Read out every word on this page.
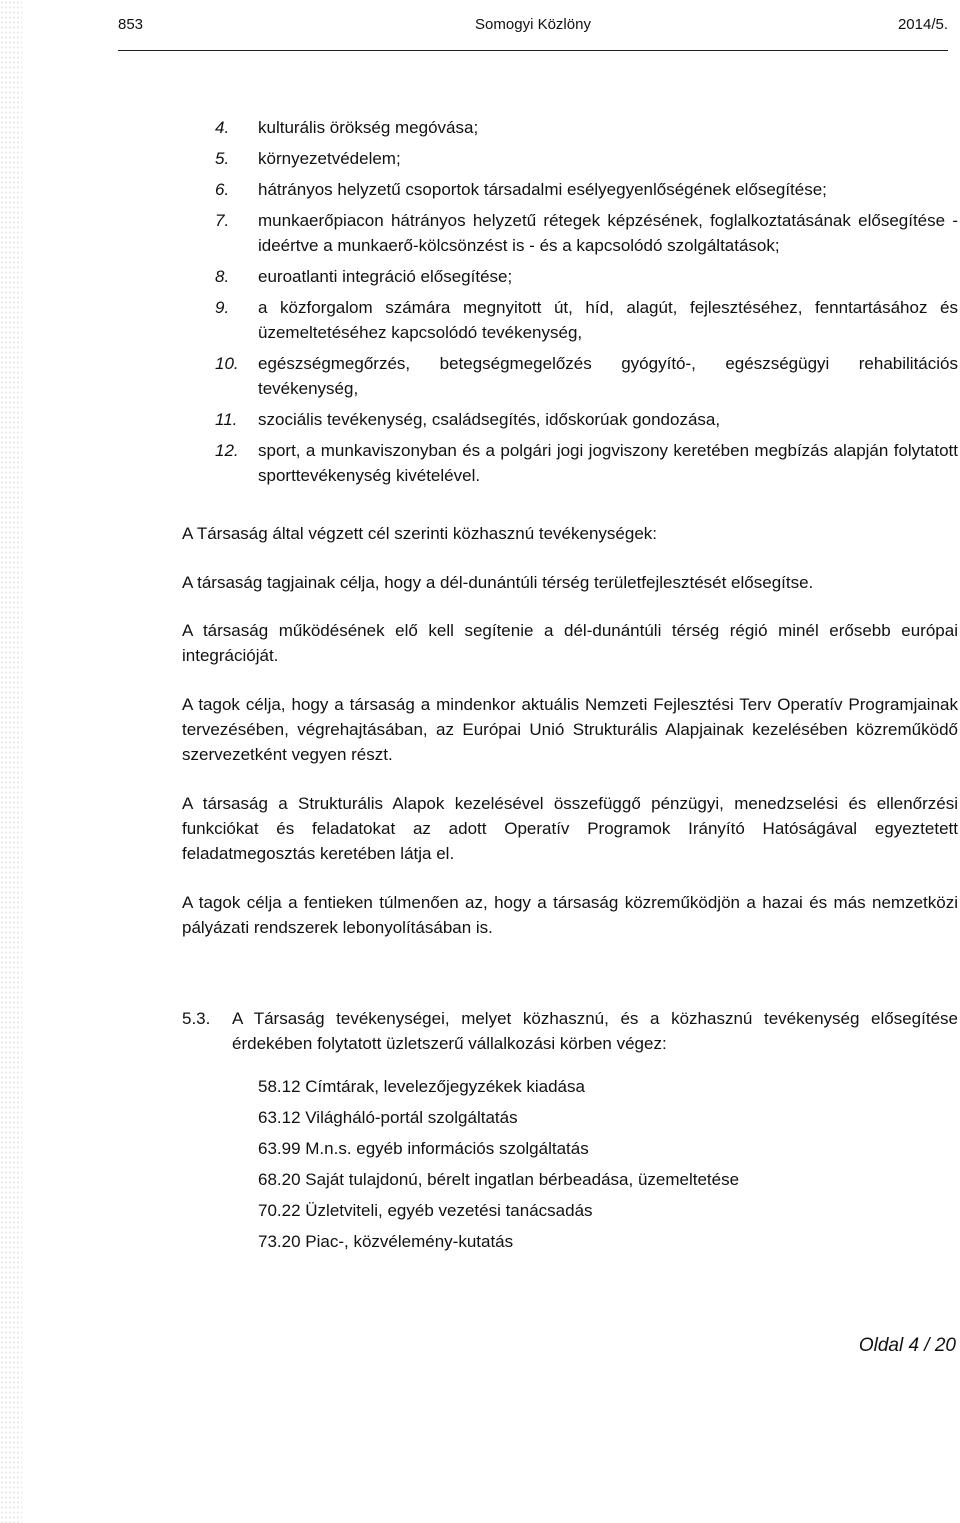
Somogyi Közlöny
853	2014/5.
4. kulturális örökség megóvása;
5. környezetvédelem;
6. hátrányos helyzetű csoportok társadalmi esélyegyenlőségének elősegítése;
7. munkaerőpiacon hátrányos helyzetű rétegek képzésének, foglalkoztatásának elősegítése - ideértve a munkaerő-kölcsönzést is - és a kapcsolódó szolgáltatások;
8. euroatlanti integráció elősegítése;
9. a közforgalom számára megnyitott út, híd, alagút, fejlesztéséhez, fenntartásához és üzemeltetéséhez kapcsolódó tevékenység,
10. egészségmegőrzés, betegségmegelőzés gyógyító-, egészségügyi rehabilitációs tevékenység,
11. szociális tevékenység, családsegítés, időskorúak gondozása,
12. sport, a munkaviszonyban és a polgári jogi jogviszony keretében megbízás alapján folytatott sporttevékenység kivételével.

A Társaság által végzett cél szerinti közhasznú tevékenységek:

A társaság tagjainak célja, hogy a dél-dunántúli térség területfejlesztését elősegítse.

A társaság működésének elő kell segítenie a dél-dunántúli térség régió minél erősebb európai integrációját.

A tagok célja, hogy a társaság a mindenkor aktuális Nemzeti Fejlesztési Terv Operatív Programjainak tervezésében, végrehajtásában, az Európai Unió Strukturális Alapjainak kezelésében közreműködő szervezetként vegyen részt.

A társaság a Strukturális Alapok kezelésével összefüggő pénzügyi, menedzselési és ellenőrzési funkciókat és feladatokat az adott Operatív Programok Irányító Hatóságával egyeztetett feladatmegosztás keretében látja el.

A tagok célja a fentieken túlmenően az, hogy a társaság közreműködjön a hazai és más nemzetközi pályázati rendszerek lebonyolításában is.

5.3. A Társaság tevékenységei, melyet közhasznú, és a közhasznú tevékenység elősegítése érdekében folytatott üzletszerű vállalkozási körben végez:

58.12 Címtárak, levelezőjegyzékek kiadása
63.12 Világháló-portál szolgáltatás
63.99 M.n.s. egyéb információs szolgáltatás
68.20 Saját tulajdonú, bérelt ingatlan bérbeadása, üzemeltetése
70.22 Üzletviteli, egyéb vezetési tanácsadás
73.20 Piac-, közvélemény-kutatás
Oldal 4 / 20
